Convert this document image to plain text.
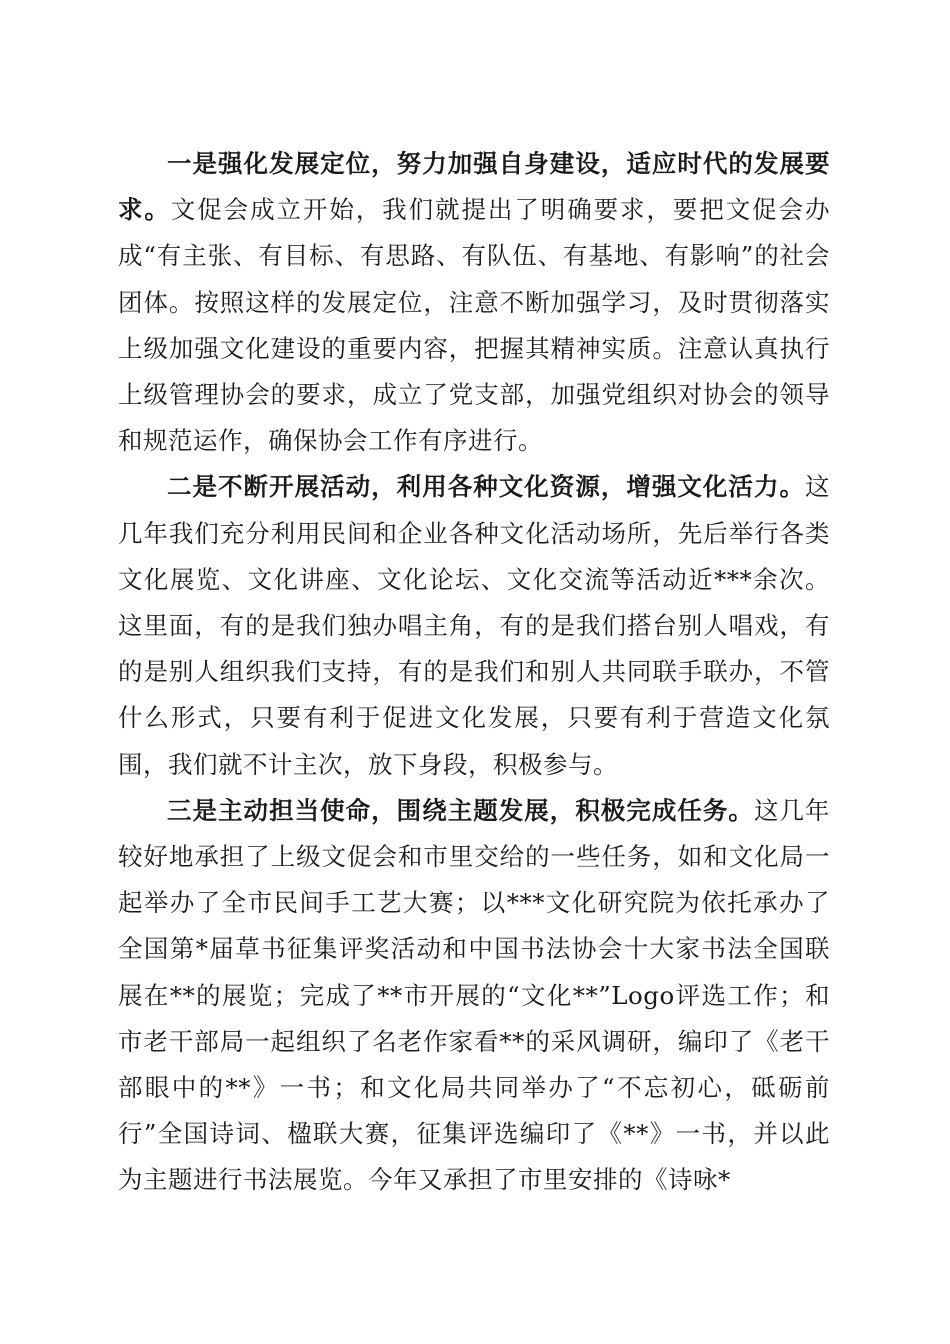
一是强化发展定位，努力加强自身建设，适应时代的发展要求。文促会成立开始，我们就提出了明确要求，要把文促会办成“有主张、有目标、有思路、有队伍、有基地、有影响”的社会团体。按照这样的发展定位，注意不断加强学习，及时贯彻落实上级加强文化建设的重要内容，把握其精神实质。注意认真执行上级管理协会的要求，成立了党支部，加强党组织对协会的领导和规范运作，确保协会工作有序进行。

二是不断开展活动，利用各种文化资源，增强文化活力。这几年我们充分利用民间和企业各种文化活动场所，先后举行各类文化展览、文化讲座、文化论坛、文化交流等活动近***余次。这里面，有的是我们独办唱主角，有的是我们搭台别人唱戏，有的是别人组织我们支持，有的是我们和别人共同联手联办，不管什么形式，只要有利于促进文化发展，只要有利于营造文化氛围，我们就不计主次，放下身段，积极参与。

三是主动担当使命，围绕主题发展，积极完成任务。这几年较好地承担了上级文促会和市里交给的一些任务，如和文化局一起举办了全市民间手工艺大赛；以***文化研究院为依托承办了全国第*届草书征集评奖活动和中国书法协会十大家书法全国联展在**的展览；完成了**市开展的“文化**”Logo评选工作；和市老干部局一起组织了名老作家看**的采风调研，编印了《老干部眼中的**》一书；和文化局共同举办了“不忘初心，砥砺前行”全国诗词、楹联大赛，征集评选编印了《**》一书，并以此为主题进行书法展览。今年又承担了市里安排的《诗咏*
